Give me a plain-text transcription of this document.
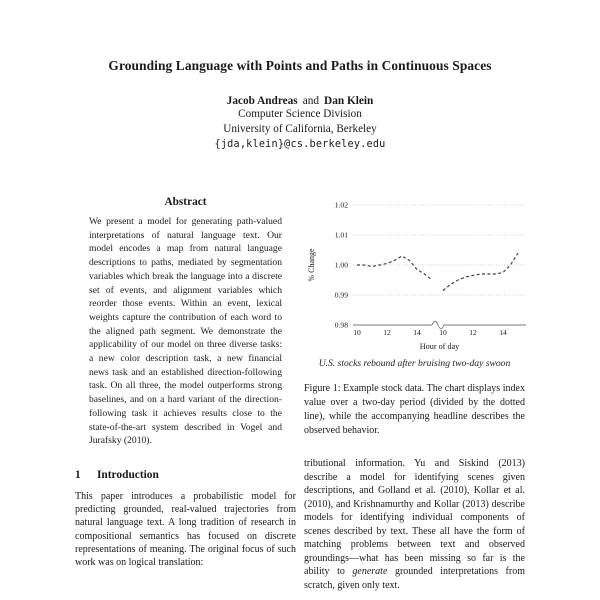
Grounding Language with Points and Paths in Continuous Spaces
Jacob Andreas and Dan Klein
Computer Science Division
University of California, Berkeley
{jda,klein}@cs.berkeley.edu
Abstract
We present a model for generating path-valued interpretations of natural language text. Our model encodes a map from natural language descriptions to paths, mediated by segmentation variables which break the language into a discrete set of events, and alignment variables which reorder those events. Within an event, lexical weights capture the contribution of each word to the aligned path segment. We demonstrate the applicability of our model on three diverse tasks: a new color description task, a new financial news task and an established direction-following task. On all three, the model outperforms strong baselines, and on a hard variant of the direction-following task it achieves results close to the state-of-the-art system described in Vogel and Jurafsky (2010).
1 Introduction
This paper introduces a probabilistic model for predicting grounded, real-valued trajectories from natural language text. A long tradition of research in compositional semantics has focused on discrete representations of meaning. The original focus of such work was on logical translation:
0.98
0.99
1.00
1.01
1.02
10	12	14 10	12	14
% Change
Hour of day
U.S. stocks rebound after bruising two-day swoon
Figure 1: Example stock data. The chart displays index value over a two-day period (divided by the dotted line), while the accompanying headline describes the observed behavior.
tributional information. Yu and Siskind (2013) describe a model for identifying scenes given descriptions, and Golland et al. (2010), Kollar et al. (2010), and Krishnamurthy and Kollar (2013) describe models for identifying individual components of scenes described by text. These all have the form of matching problems between text and observed groundings—what has been missing so far is the ability to generate grounded interpretations from scratch, given only text.
